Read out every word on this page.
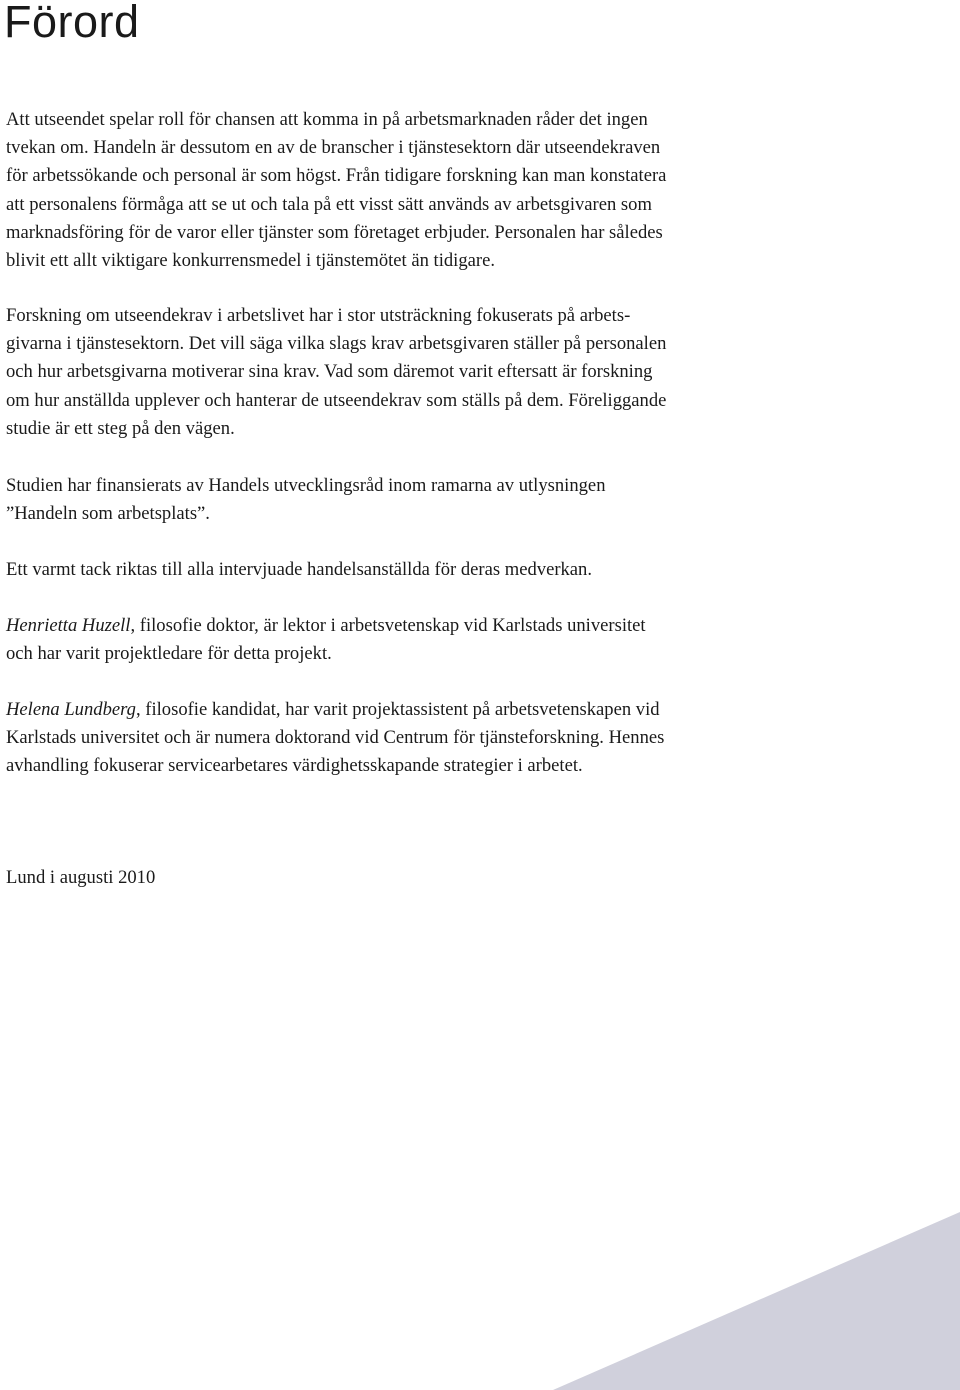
Förord

Att utseendet spelar roll för chansen att komma in på arbetsmarknaden råder det ingen
tvekan om. Handeln är dessutom en av de branscher i tjänstesektorn där utseendekraven
för arbetssökande och personal är som högst. Från tidigare forskning kan man konstatera
att personalens förmåga att se ut och tala på ett visst sätt används av arbetsgivaren som
marknadsföring för de varor eller tjänster som företaget erbjuder. Personalen har således
blivit ett allt viktigare konkurrensmedel i tjänstemötet än tidigare.

Forskning om utseendekrav i arbetslivet har i stor utsträckning fokuserats på arbets-
givarna i tjänstesektorn. Det vill säga vilka slags krav arbetsgivaren ställer på personalen
och hur arbetsgivarna motiverar sina krav. Vad som däremot varit eftersatt är forskning
om hur anställda upplever och hanterar de utseendekrav som ställs på dem. Föreliggande
studie är ett steg på den vägen.

Studien har finansierats av Handels utvecklingsråd inom ramarna av utlysningen
”Handeln som arbetsplats”.

Ett varmt tack riktas till alla intervjuade handelsanställda för deras medverkan.

Henrietta Huzell, filosofie doktor, är lektor i arbetsvetenskap vid Karlstads universitet
och har varit projektledare för detta projekt.

Helena Lundberg, filosofie kandidat, har varit projektassistent på arbetsvetenskapen vid
Karlstads universitet och är numera doktorand vid Centrum för tjänsteforskning. Hennes
avhandling fokuserar servicearbetares värdighetsskapande strategier i arbetet.

Lund i augusti 2010
